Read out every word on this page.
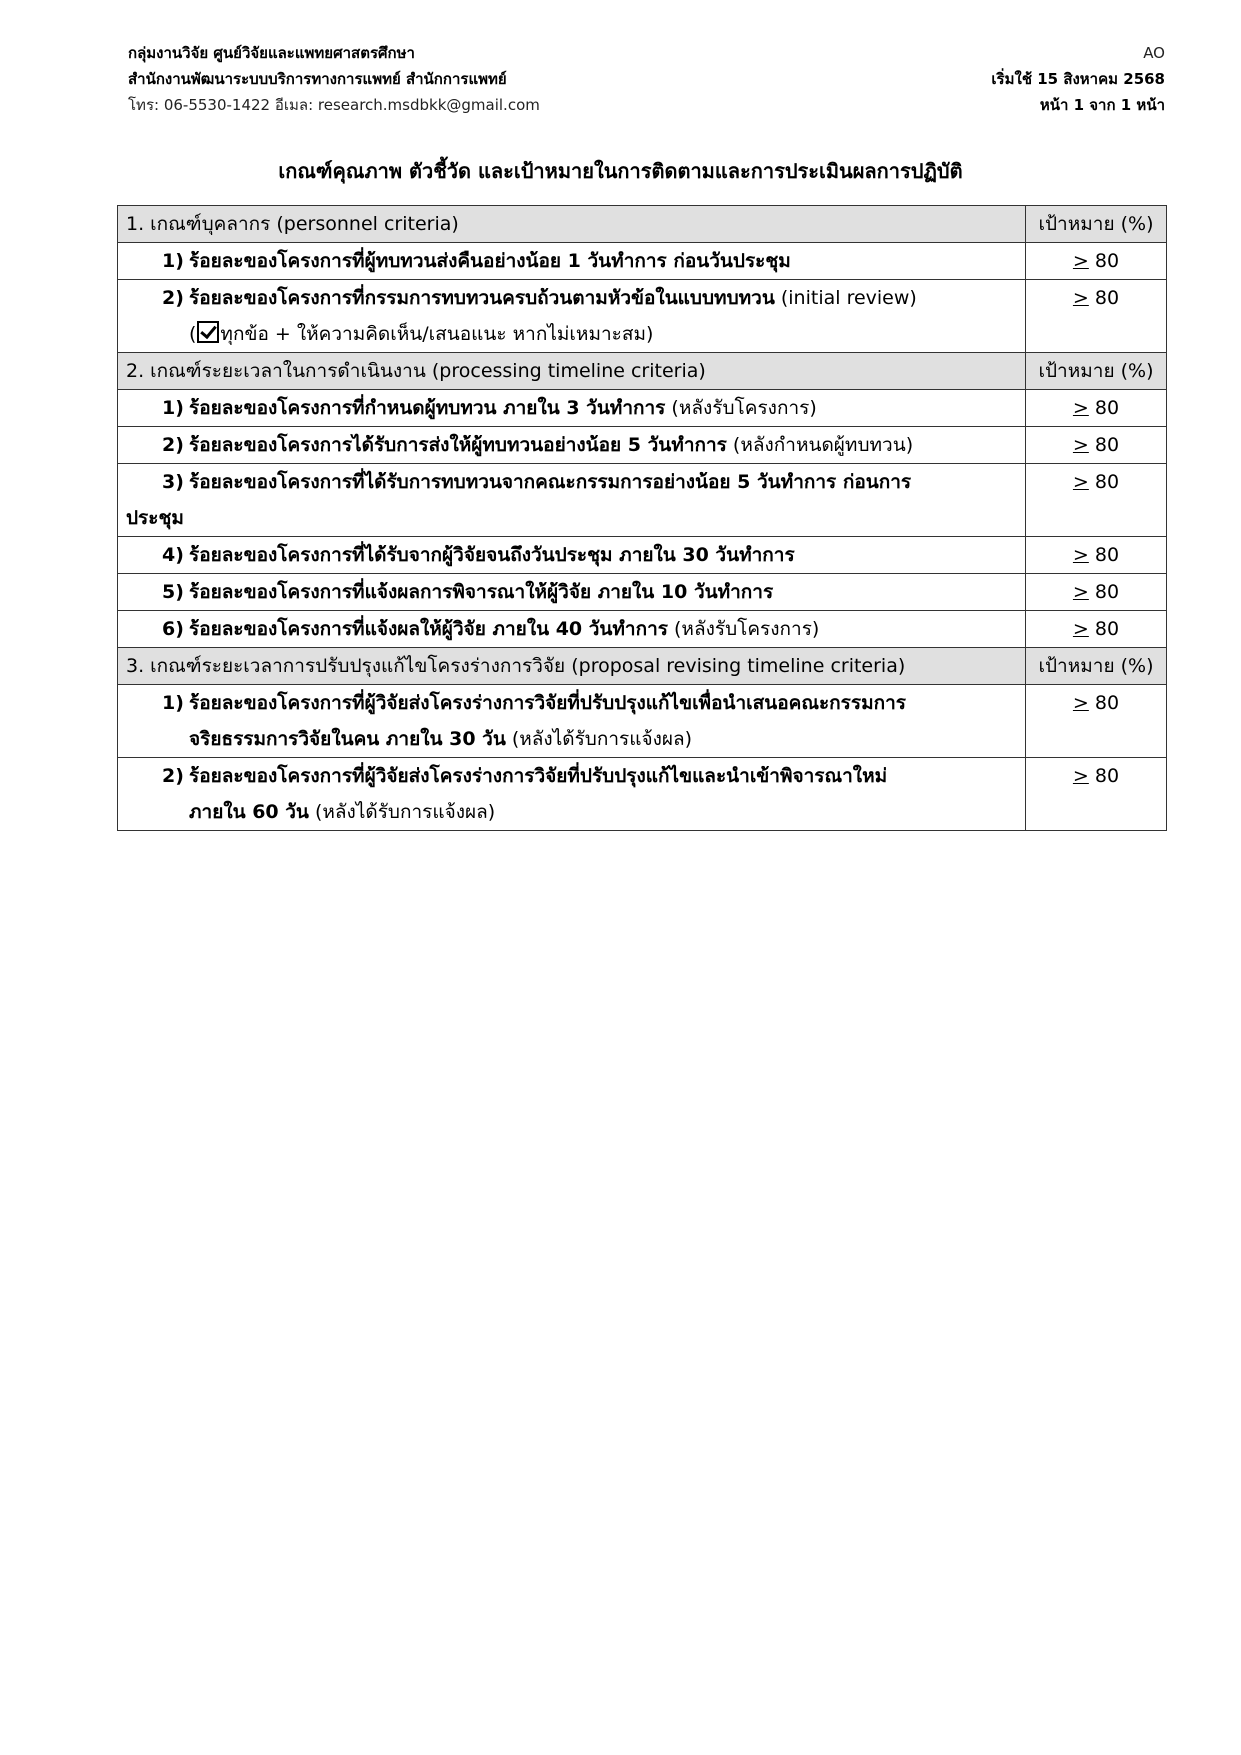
กลุ่มงานวิจัย ศูนย์วิจัยและแพทยศาสตรศึกษา
สำนักงานพัฒนาระบบบริการทางการแพทย์ สำนักการแพทย์
โทร: 06-5530-1422 อีเมล: research.msdbkk@gmail.com
AO
เริ่มใช้ 15 สิงหาคม 2568
หน้า 1 จาก 1 หน้า
เกณฑ์คุณภาพ ตัวชี้วัด และเป้าหมายในการติดตามและการประเมินผลการปฏิบัติ
1. เกณฑ์บุคลากร (personnel criteria)	เป้าหมาย (%)

1) ร้อยละของโครงการที่ผู้ทบทวนส่งคืนอย่างน้อย 1 วันทำการ ก่อนวันประชุม	≥ 80

2) ร้อยละของโครงการที่กรรมการทบทวนครบถ้วนตามหัวข้อในแบบทบทวน (initial review)
( ทุกข้อ + ให้ความคิดเห็น/เสนอแนะ หากไม่เหมาะสม)	≥ 80
2. เกณฑ์ระยะเวลาในการดำเนินงาน (processing timeline criteria)	เป้าหมาย (%)

1) ร้อยละของโครงการที่กำหนดผู้ทบทวน ภายใน 3 วันทำการ (หลังรับโครงการ)	≥ 80

2) ร้อยละของโครงการได้รับการส่งให้ผู้ทบทวนอย่างน้อย 5 วันทำการ (หลังกำหนดผู้ทบทวน)	≥ 80

3) ร้อยละของโครงการที่ได้รับการทบทวนจากคณะกรรมการอย่างน้อย 5 วันทำการ ก่อนการ
ประชุม	≥ 80

4) ร้อยละของโครงการที่ได้รับจากผู้วิจัยจนถึงวันประชุม ภายใน 30 วันทำการ	≥ 80

5) ร้อยละของโครงการที่แจ้งผลการพิจารณาให้ผู้วิจัย ภายใน 10 วันทำการ	≥ 80

6) ร้อยละของโครงการที่แจ้งผลให้ผู้วิจัย ภายใน 40 วันทำการ (หลังรับโครงการ)	≥ 80
3. เกณฑ์ระยะเวลาการปรับปรุงแก้ไขโครงร่างการวิจัย (proposal revising timeline criteria)	เป้าหมาย (%)

1) ร้อยละของโครงการที่ผู้วิจัยส่งโครงร่างการวิจัยที่ปรับปรุงแก้ไขเพื่อนำเสนอคณะกรรมการ
จริยธรรมการวิจัยในคน ภายใน 30 วัน (หลังได้รับการแจ้งผล)	≥ 80

2) ร้อยละของโครงการที่ผู้วิจัยส่งโครงร่างการวิจัยที่ปรับปรุงแก้ไขและนำเข้าพิจารณาใหม่
ภายใน 60 วัน (หลังได้รับการแจ้งผล)	≥ 80
